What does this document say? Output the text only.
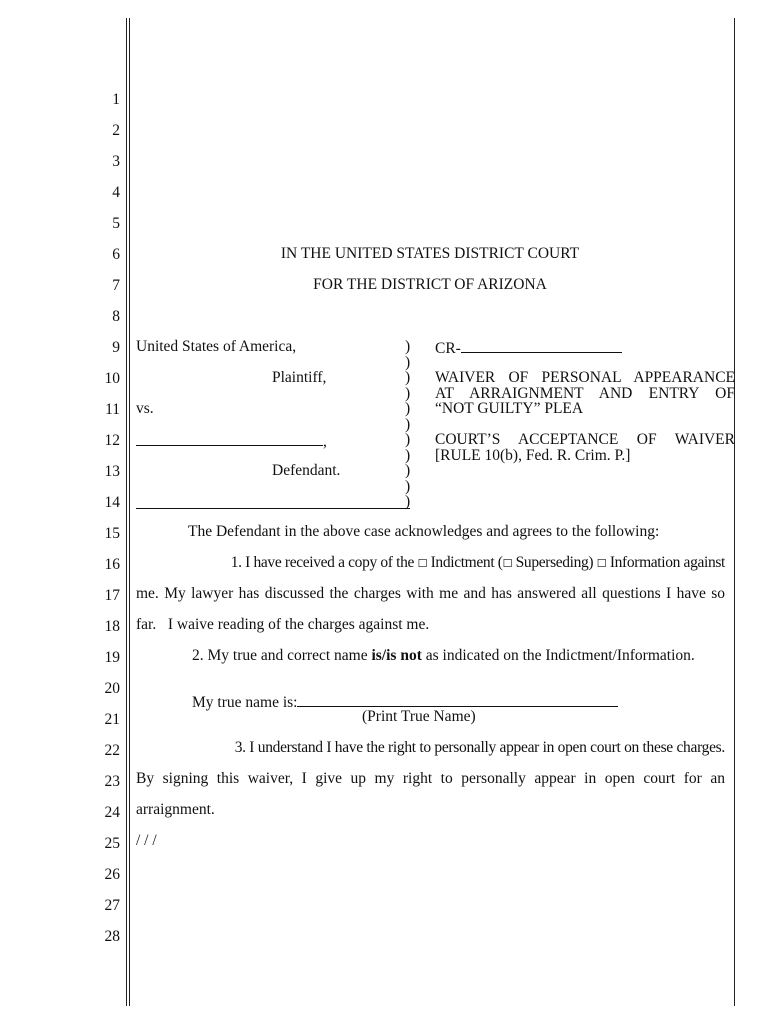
1
2
3
4
5
6
7
8
9
10
11
12
13
14
15
16
17
18
19
20
21
22
23
24
25
26
27
28
IN THE UNITED STATES DISTRICT COURT
FOR THE DISTRICT OF ARIZONA
United States of America,
Plaintiff,
vs.
,
Defendant.
)
)
)
)
)
)
)
)
)
)
)
CR-
WAIVER OF PERSONAL APPEARANCE
AT ARRAIGNMENT AND ENTRY OF
“NOT GUILTY” PLEA
COURT’S ACCEPTANCE OF WAIVER
[RULE 10(b), Fed. R. Crim. P.]
The Defendant in the above case acknowledges and agrees to the following:
1. I have received a copy of the ☐ Indictment (☐ Superseding) ☐ Information against
me. My lawyer has discussed the charges with me and has answered all questions I have so
far.   I waive reading of the charges against me.
2. My true and correct name is/is not as indicated on the Indictment/Information.
My true name is:
(Print True Name)
3. I understand I have the right to personally appear in open court on these charges.
By signing this waiver, I give up my right to personally appear in open court for an
arraignment.
/ / /
